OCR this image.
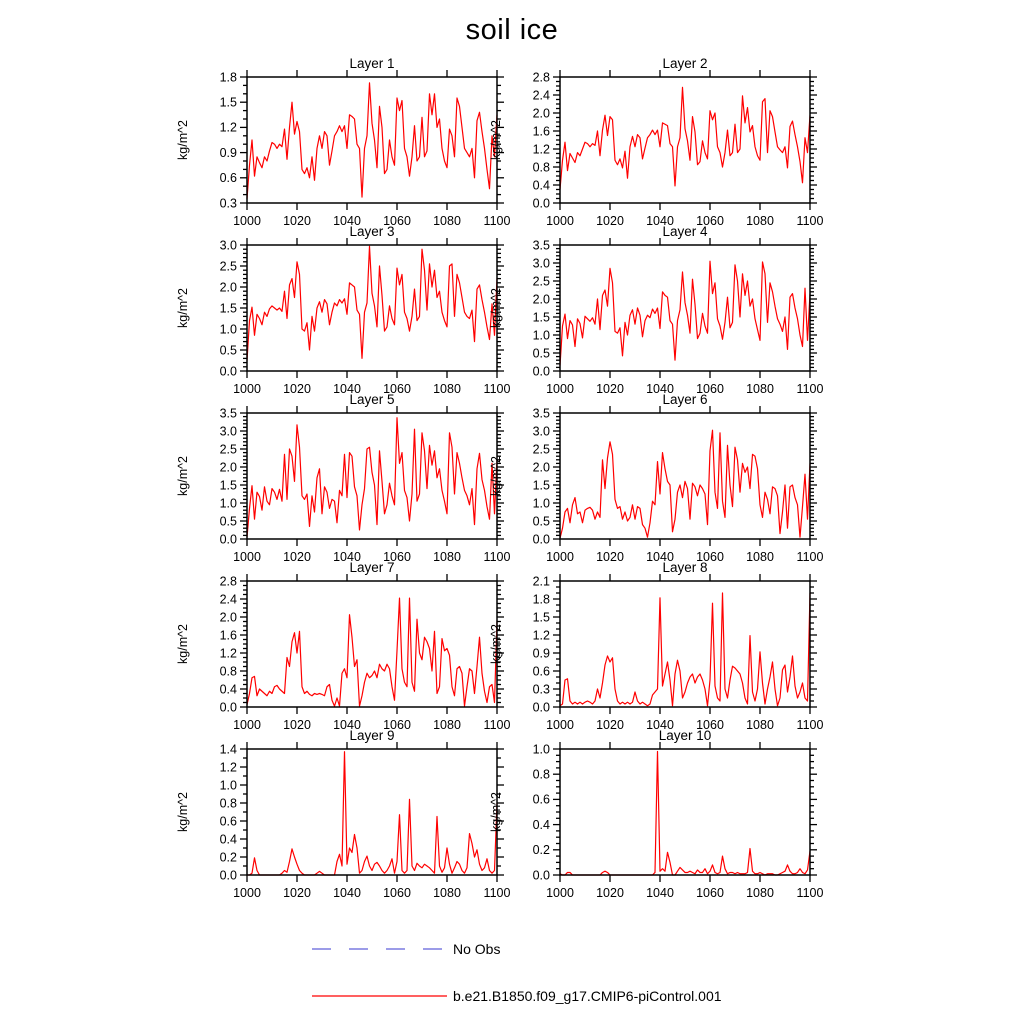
soil ice
Layer 1
kg/m^2
0.3
0.6
0.9
1.2
1.5
1.8
1000 1020 1040 1060 1080 1100
Layer 2
kg/m^2
0.0
0.4
0.8
1.2
1.6
2.0
2.4
2.8
1000 1020 1040 1060 1080 1100
Layer 3
kg/m^2
0.0
0.5
1.0
1.5
2.0
2.5
3.0
1000 1020 1040 1060 1080 1100
Layer 4
kg/m^2
0.0
0.5
1.0
1.5
2.0
2.5
3.0
3.5
1000 1020 1040 1060 1080 1100
Layer 5
kg/m^2
0.0
0.5
1.0
1.5
2.0
2.5
3.0
3.5
1000 1020 1040 1060 1080 1100
Layer 6
kg/m^2
0.0
0.5
1.0
1.5
2.0
2.5
3.0
3.5
1000 1020 1040 1060 1080 1100
Layer 7
kg/m^2
0.0
0.4
0.8
1.2
1.6
2.0
2.4
2.8
1000 1020 1040 1060 1080 1100
Layer 8
kg/m^2
0.0
0.3
0.6
0.9
1.2
1.5
1.8
2.1
1000 1020 1040 1060 1080 1100
Layer 9
kg/m^2
0.0
0.2
0.4
0.6
0.8
1.0
1.2
1.4
1000 1020 1040 1060 1080 1100
Layer 10
kg/m^2
0.0
0.2
0.4
0.6
0.8
1.0
1000 1020 1040 1060 1080 1100
No Obs
b.e21.B1850.f09_g17.CMIP6-piControl.001
